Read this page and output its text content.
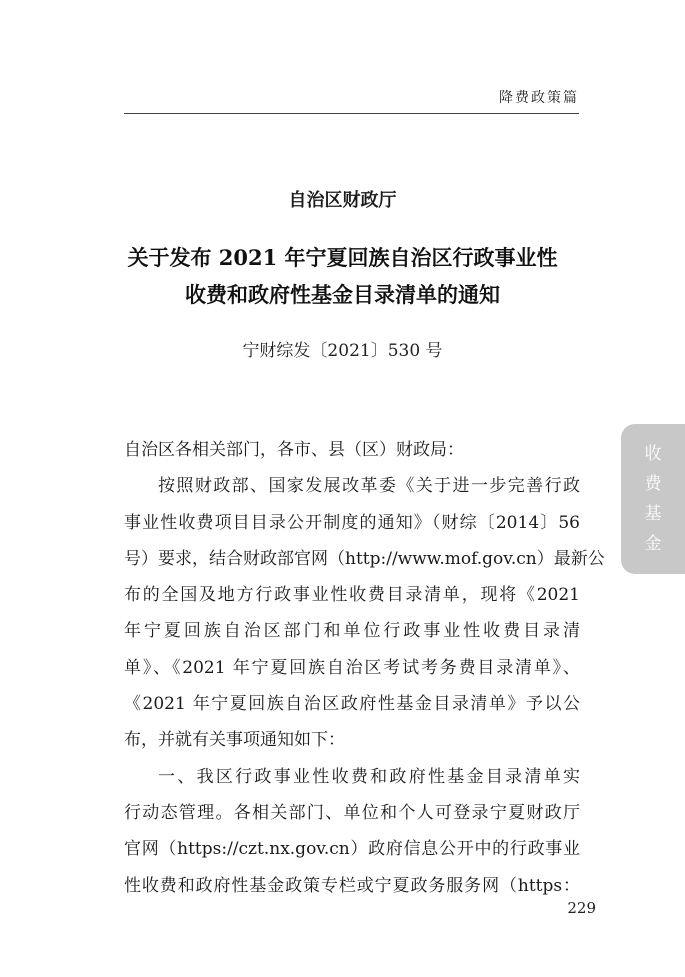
降费政策篇
自治区财政厅
关于发布 2021 年宁夏回族自治区行政事业性
收费和政府性基金目录清单的通知
宁财综发〔2021〕530 号
自治区各相关部门，各市、县（区）财政局：
按照财政部、国家发展改革委《关于进一步完善行政
事业性收费项目目录公开制度的通知》（财综〔2014〕56
号）要求，结合财政部官网（http://www.mof.gov.cn）最新公
布的全国及地方行政事业性收费目录清单，现将《2021
年宁夏回族自治区部门和单位行政事业性收费目录清
单》、《2021 年宁夏回族自治区考试考务费目录清单》、
《2021 年宁夏回族自治区政府性基金目录清单》予以公
布，并就有关事项通知如下：
一、我区行政事业性收费和政府性基金目录清单实
行动态管理。各相关部门、单位和个人可登录宁夏财政厅
官网（https://czt.nx.gov.cn）政府信息公开中的行政事业
性收费和政府性基金政策专栏或宁夏政务服务网（https：
收
费
基
金
229
